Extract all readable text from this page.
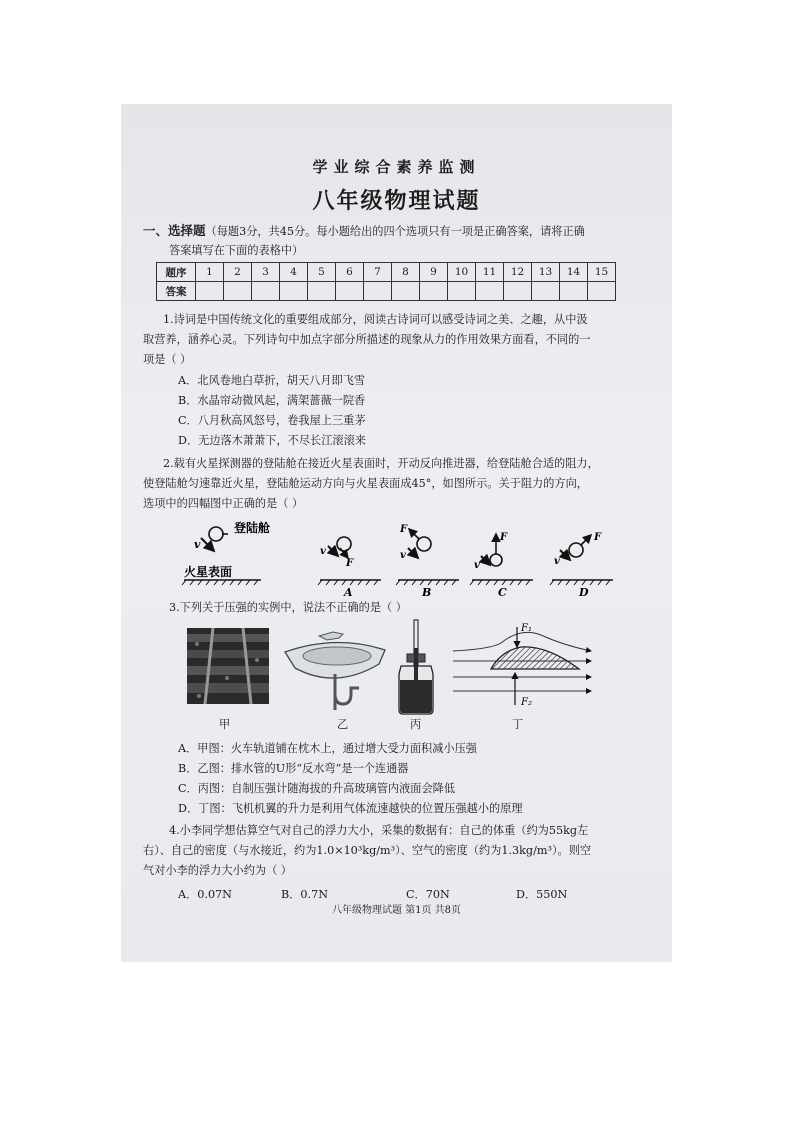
学业综合素养监测
八年级物理试题
一、选择题（每题3分，共45分。每小题给出的四个选项只有一项是正确答案，请将正确
答案填写在下面的表格中）
题序	1	2	3	4	5	6	7	8	9	10	11	12	13	14	15
答案															
1.诗词是中国传统文化的重要组成部分，阅读古诗词可以感受诗词之美、之趣，从中汲
取营养，涵养心灵。下列诗句中加点字部分所描述的现象从力的作用效果方面看，不同的一
项是（ ）
A．北风卷地白草折，胡天八月即飞雪
B．水晶帘动微风起，满架蔷薇一院香
C．八月秋高风怒号，卷我屋上三重茅
D．无边落木萧萧下，不尽长江滚滚来
2.载有火星探测器的登陆舱在接近火星表面时，开动反向推进器，给登陆舱合适的阻力，
使登陆舱匀速靠近火星，登陆舱运动方向与火星表面成45°，如图所示。关于阻力的方向，
选项中的四幅图中正确的是（ ）
v
登陆舱
火星表面
v
F
A
F
v
B
F
v
C
F
v
D
3.下列关于压强的实例中，说法不正确的是（ ）
F₁
F₂
甲	乙	丙	丁
A．甲图：火车轨道铺在枕木上，通过增大受力面积减小压强
B．乙图：排水管的U形“反水弯”是一个连通器
C．丙图：自制压强计随海拔的升高玻璃管内液面会降低
D．丁图：飞机机翼的升力是利用气体流速越快的位置压强越小的原理
4.小李同学想估算空气对自己的浮力大小，采集的数据有：自己的体重（约为55kg左
右）、自己的密度（与水接近，约为1.0×10³kg/m³）、空气的密度（约为1.3kg/m³）。则空
气对小李的浮力大小约为（ ）
A．0.07N	B．0.7N	C．70N	D．550N
八年级物理试题 第1页 共8页
